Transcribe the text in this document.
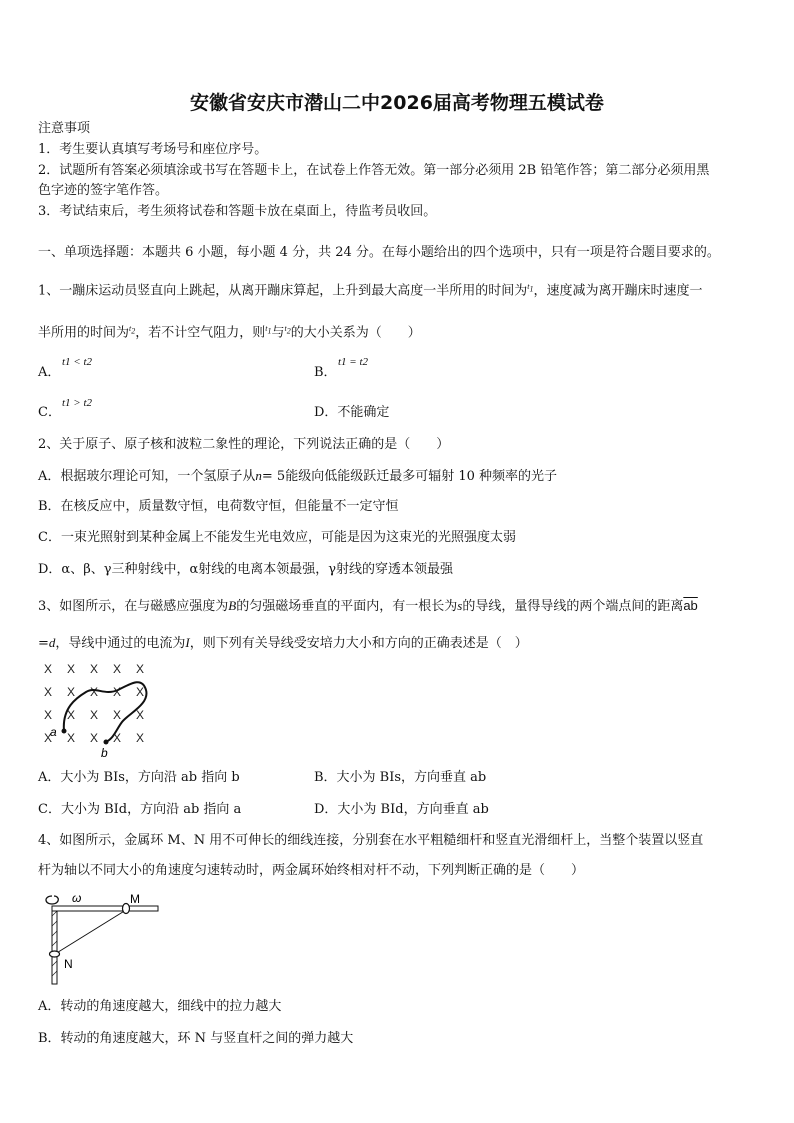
安徽省安庆市潜山二中2026届高考物理五模试卷
注意事项
1．考生要认真填写考场号和座位序号。
2．试题所有答案必须填涂或书写在答题卡上，在试卷上作答无效。第一部分必须用 2B 铅笔作答；第二部分必须用黑
色字迹的签字笔作答。
3．考试结束后，考生须将试卷和答题卡放在桌面上，待监考员收回。
一、单项选择题：本题共 6 小题，每小题 4 分，共 24 分。在每小题给出的四个选项中，只有一项是符合题目要求的。
1、一蹦床运动员竖直向上跳起，从离开蹦床算起，上升到最大高度一半所用的时间为$^{t_1}$，速度减为离开蹦床时速度一
半所用的时间为$^{t_2}$，若不计空气阻力，则$^{t_1}$与$^{t_2}$的大小关系为（　　）
A．
t1 < t2
B．
t1 = t2
C．
t1 > t2
D．不能确定
2、关于原子、原子核和波粒二象性的理论，下列说法正确的是（　　）
A．根据玻尔理论可知，一个氢原子从n= 5能级向低能级跃迁最多可辐射 10 种频率的光子
B．在核反应中，质量数守恒，电荷数守恒，但能量不一定守恒
C．一束光照射到某种金属上不能发生光电效应，可能是因为这束光的光照强度太弱
D．α、β、γ三种射线中，α射线的电离本领最强，γ射线的穿透本领最强
3、如图所示，在与磁感应强度为B的匀强磁场垂直的平面内，有一根长为s的导线，量得导线的两个端点间的距离$\overline{ab}$
=d，导线中通过的电流为I，则下列有关导线受安培力大小和方向的正确表述是（　）
X X X X X
X X X X X
X X X X X
X X X X X
a
b
A．大小为 BIs，方向沿 ab 指向 b	B．大小为 BIs，方向垂直 ab
C．大小为 BId，方向沿 ab 指向 a	D．大小为 BId，方向垂直 ab
4、如图所示，金属环 M、N 用不可伸长的细线连接，分别套在水平粗糙细杆和竖直光滑细杆上，当整个装置以竖直
杆为轴以不同大小的角速度匀速转动时，两金属环始终相对杆不动，下列判断正确的是（　　）
ω	M
N
A．转动的角速度越大，细线中的拉力越大
B．转动的角速度越大，环 N 与竖直杆之间的弹力越大
